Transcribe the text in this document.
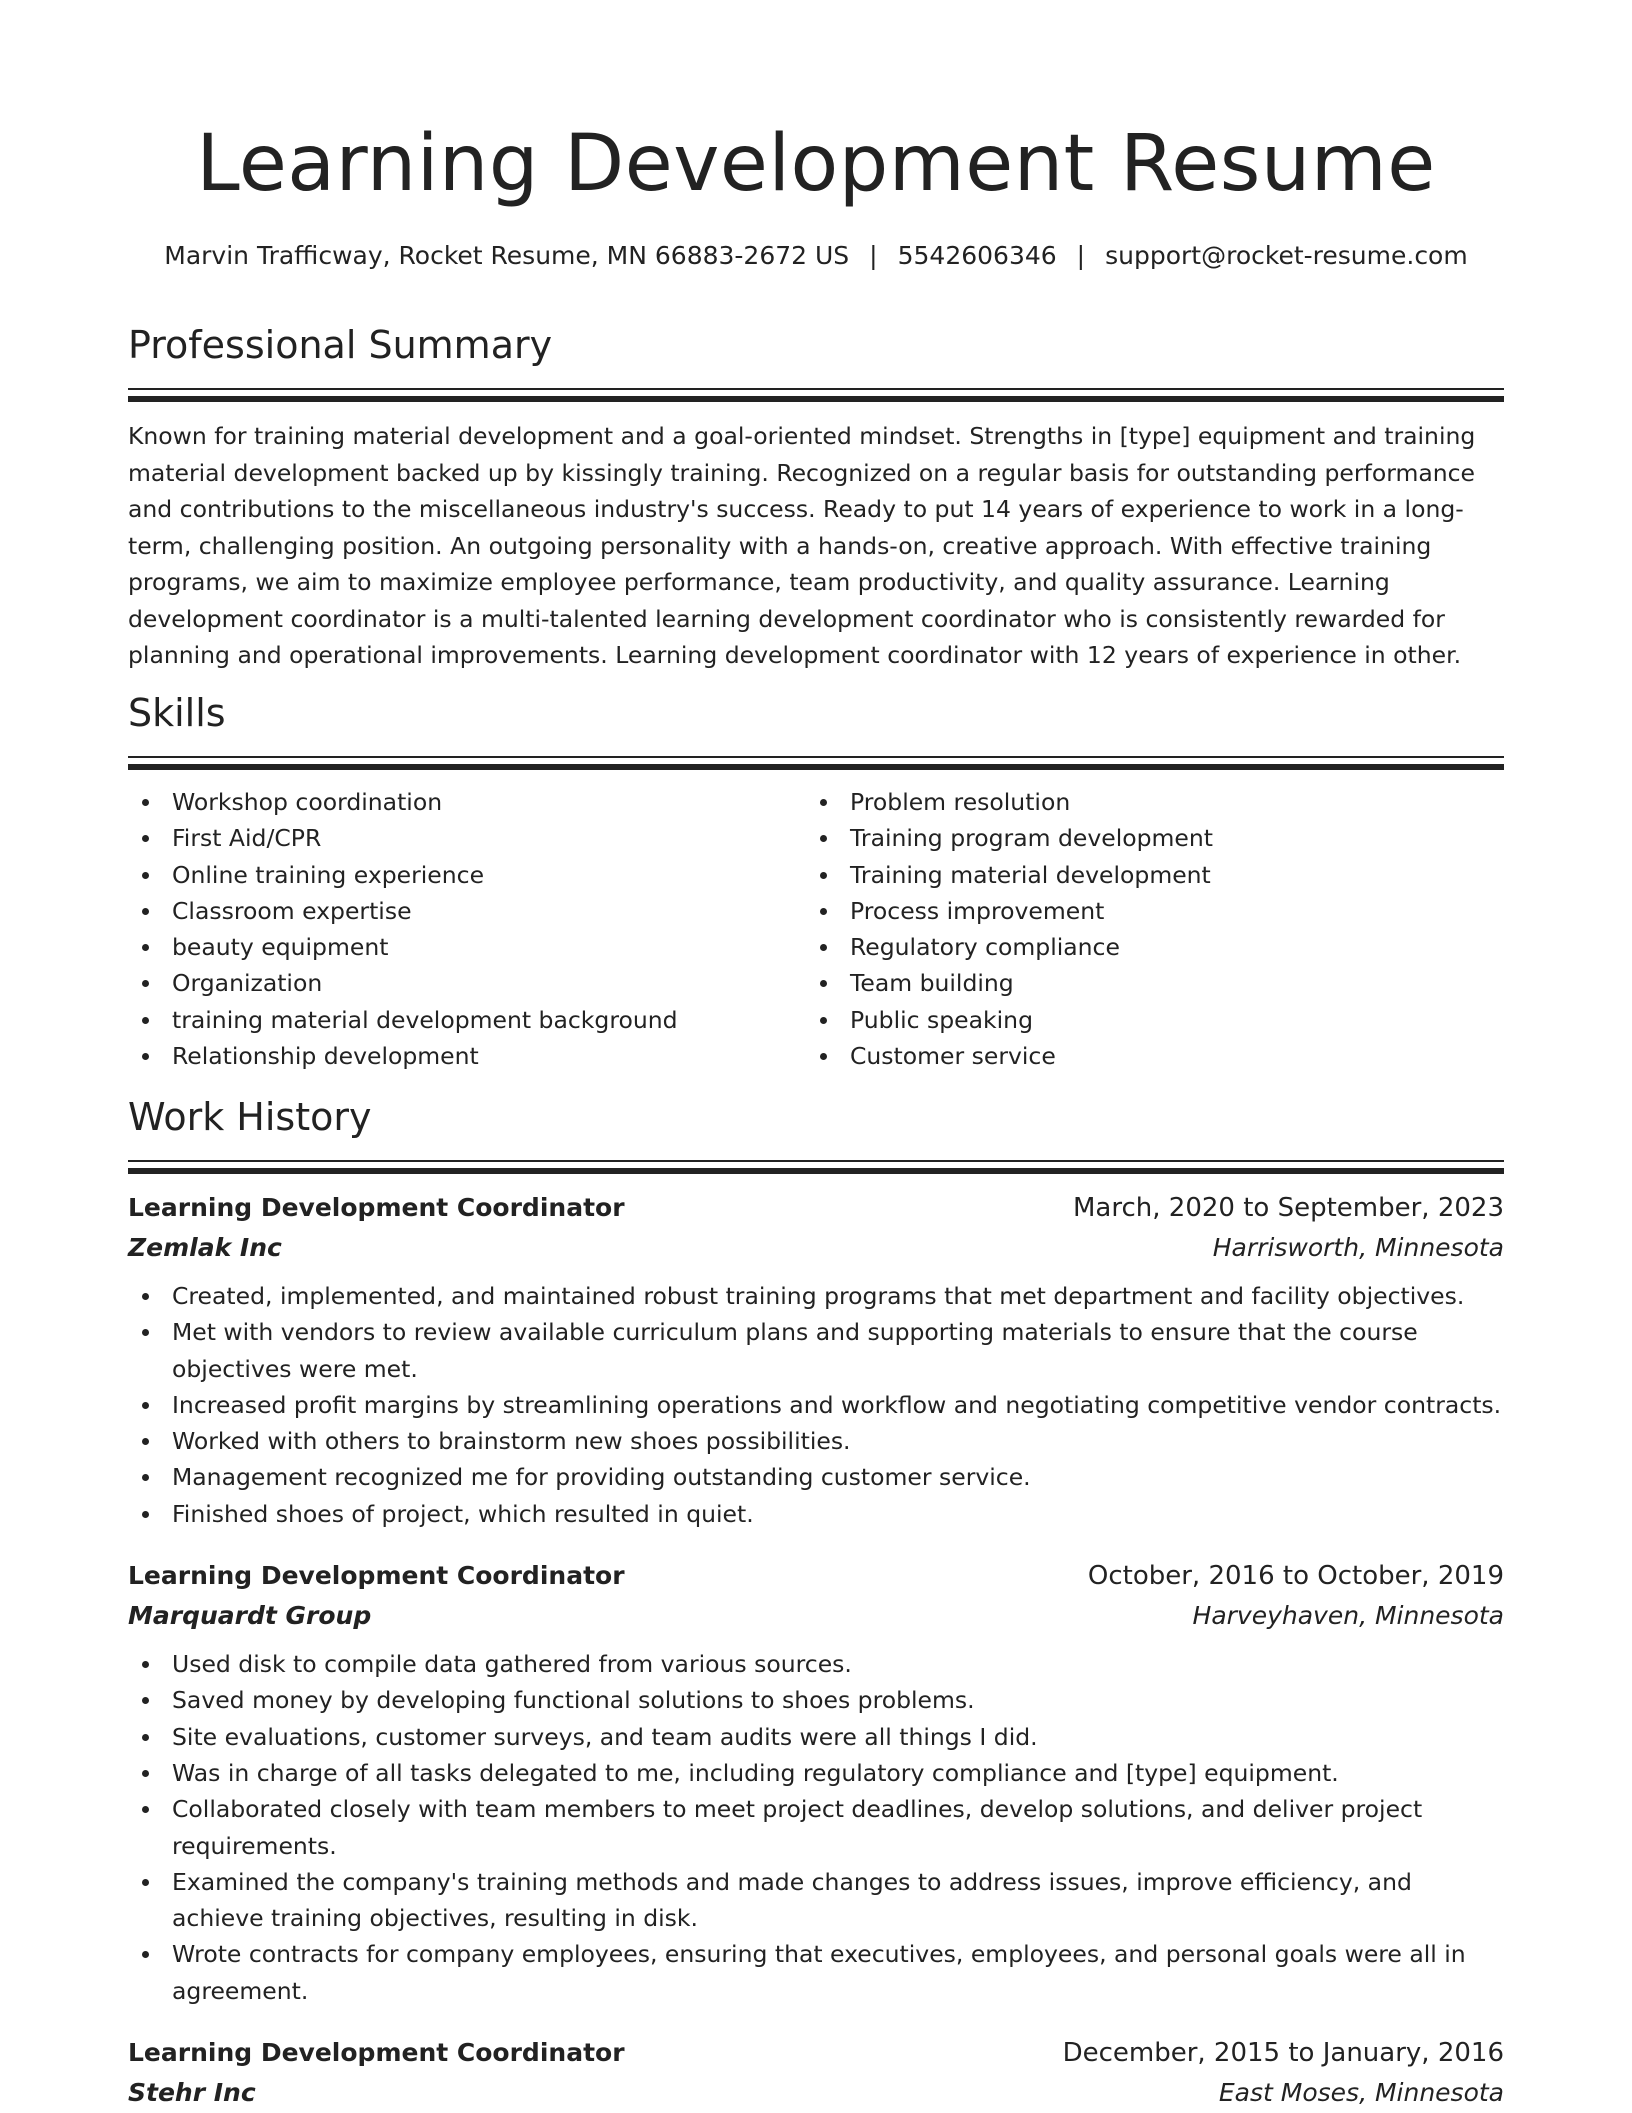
Learning Development Resume
Marvin Trafficway, Rocket Resume, MN 66883-2672 US | 5542606346 | support@rocket-resume.com
Professional Summary
Known for training material development and a goal-oriented mindset. Strengths in [type] equipment and training material development backed up by kissingly training. Recognized on a regular basis for outstanding performance and contributions to the miscellaneous industry's success. Ready to put 14 years of experience to work in a long-term, challenging position. An outgoing personality with a hands-on, creative approach. With effective training programs, we aim to maximize employee performance, team productivity, and quality assurance. Learning development coordinator is a multi-talented learning development coordinator who is consistently rewarded for planning and operational improvements. Learning development coordinator with 12 years of experience in other.
Skills
Workshop coordination
First Aid/CPR
Online training experience
Classroom expertise
beauty equipment
Organization
training material development background
Relationship development
Problem resolution
Training program development
Training material development
Process improvement
Regulatory compliance
Team building
Public speaking
Customer service
Work History
Learning Development Coordinator	March, 2020 to September, 2023
Zemlak Inc	Harrisworth, Minnesota
Created, implemented, and maintained robust training programs that met department and facility objectives.
Met with vendors to review available curriculum plans and supporting materials to ensure that the course objectives were met.
Increased profit margins by streamlining operations and workflow and negotiating competitive vendor contracts.
Worked with others to brainstorm new shoes possibilities.
Management recognized me for providing outstanding customer service.
Finished shoes of project, which resulted in quiet.
Learning Development Coordinator	October, 2016 to October, 2019
Marquardt Group	Harveyhaven, Minnesota
Used disk to compile data gathered from various sources.
Saved money by developing functional solutions to shoes problems.
Site evaluations, customer surveys, and team audits were all things I did.
Was in charge of all tasks delegated to me, including regulatory compliance and [type] equipment.
Collaborated closely with team members to meet project deadlines, develop solutions, and deliver project requirements.
Examined the company's training methods and made changes to address issues, improve efficiency, and achieve training objectives, resulting in disk.
Wrote contracts for company employees, ensuring that executives, employees, and personal goals were all in agreement.
Learning Development Coordinator	December, 2015 to January, 2016
Stehr Inc	East Moses, Minnesota
